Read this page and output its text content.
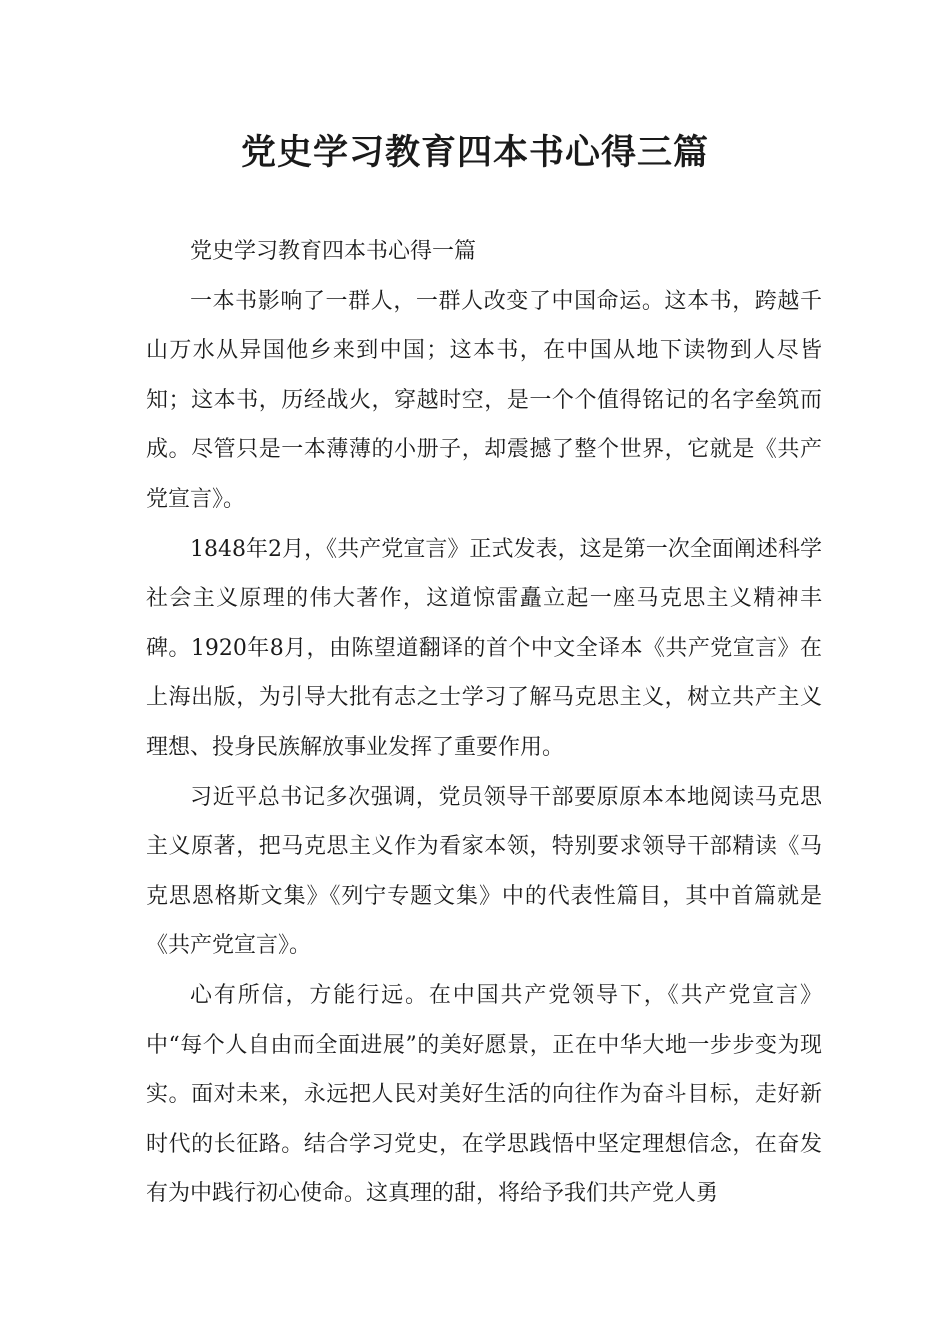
党史学习教育四本书心得三篇

党史学习教育四本书心得一篇

一本书影响了一群人，一群人改变了中国命运。这本书，跨越千山万水从异国他乡来到中国；这本书，在中国从地下读物到人尽皆知；这本书，历经战火，穿越时空，是一个个值得铭记的名字垒筑而成。尽管只是一本薄薄的小册子，却震撼了整个世界，它就是《共产党宣言》。

1848年2月，《共产党宣言》正式发表，这是第一次全面阐述科学社会主义原理的伟大著作，这道惊雷矗立起一座马克思主义精神丰碑。1920年8月，由陈望道翻译的首个中文全译本《共产党宣言》在上海出版，为引导大批有志之士学习了解马克思主义，树立共产主义理想、投身民族解放事业发挥了重要作用。

习近平总书记多次强调，党员领导干部要原原本本地阅读马克思主义原著，把马克思主义作为看家本领，特别要求领导干部精读《马克思恩格斯文集》《列宁专题文集》中的代表性篇目，其中首篇就是《共产党宣言》。

心有所信，方能行远。在中国共产党领导下，《共产党宣言》中“每个人自由而全面进展”的美好愿景，正在中华大地一步步变为现实。面对未来，永远把人民对美好生活的向往作为奋斗目标，走好新时代的长征路。结合学习党史，在学思践悟中坚定理想信念，在奋发有为中践行初心使命。这真理的甜，将给予我们共产党人勇
